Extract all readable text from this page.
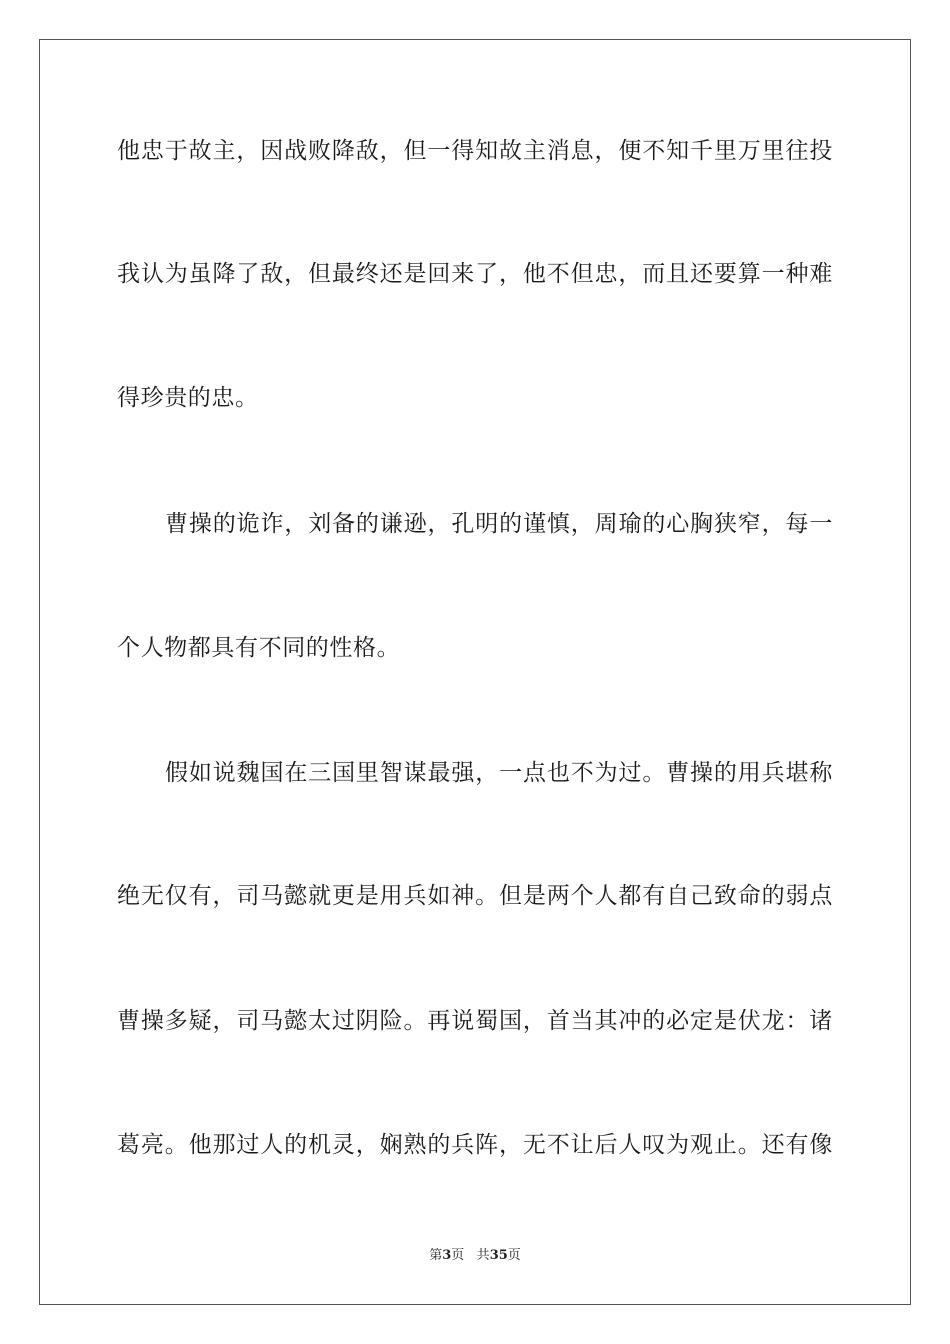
他忠于故主，因战败降敌，但一得知故主消息，便不知千里万里往投
我认为虽降了敌，但最终还是回来了，他不但忠，而且还要算一种难
得珍贵的忠。
曹操的诡诈，刘备的谦逊，孔明的谨慎，周瑜的心胸狭窄，每一
个人物都具有不同的性格。
假如说魏国在三国里智谋最强，一点也不为过。曹操的用兵堪称
绝无仅有，司马懿就更是用兵如神。但是两个人都有自己致命的弱点
曹操多疑，司马懿太过阴险。再说蜀国，首当其冲的必定是伏龙：诸
葛亮。他那过人的机灵，娴熟的兵阵，无不让后人叹为观止。还有像
第3页 共35页
